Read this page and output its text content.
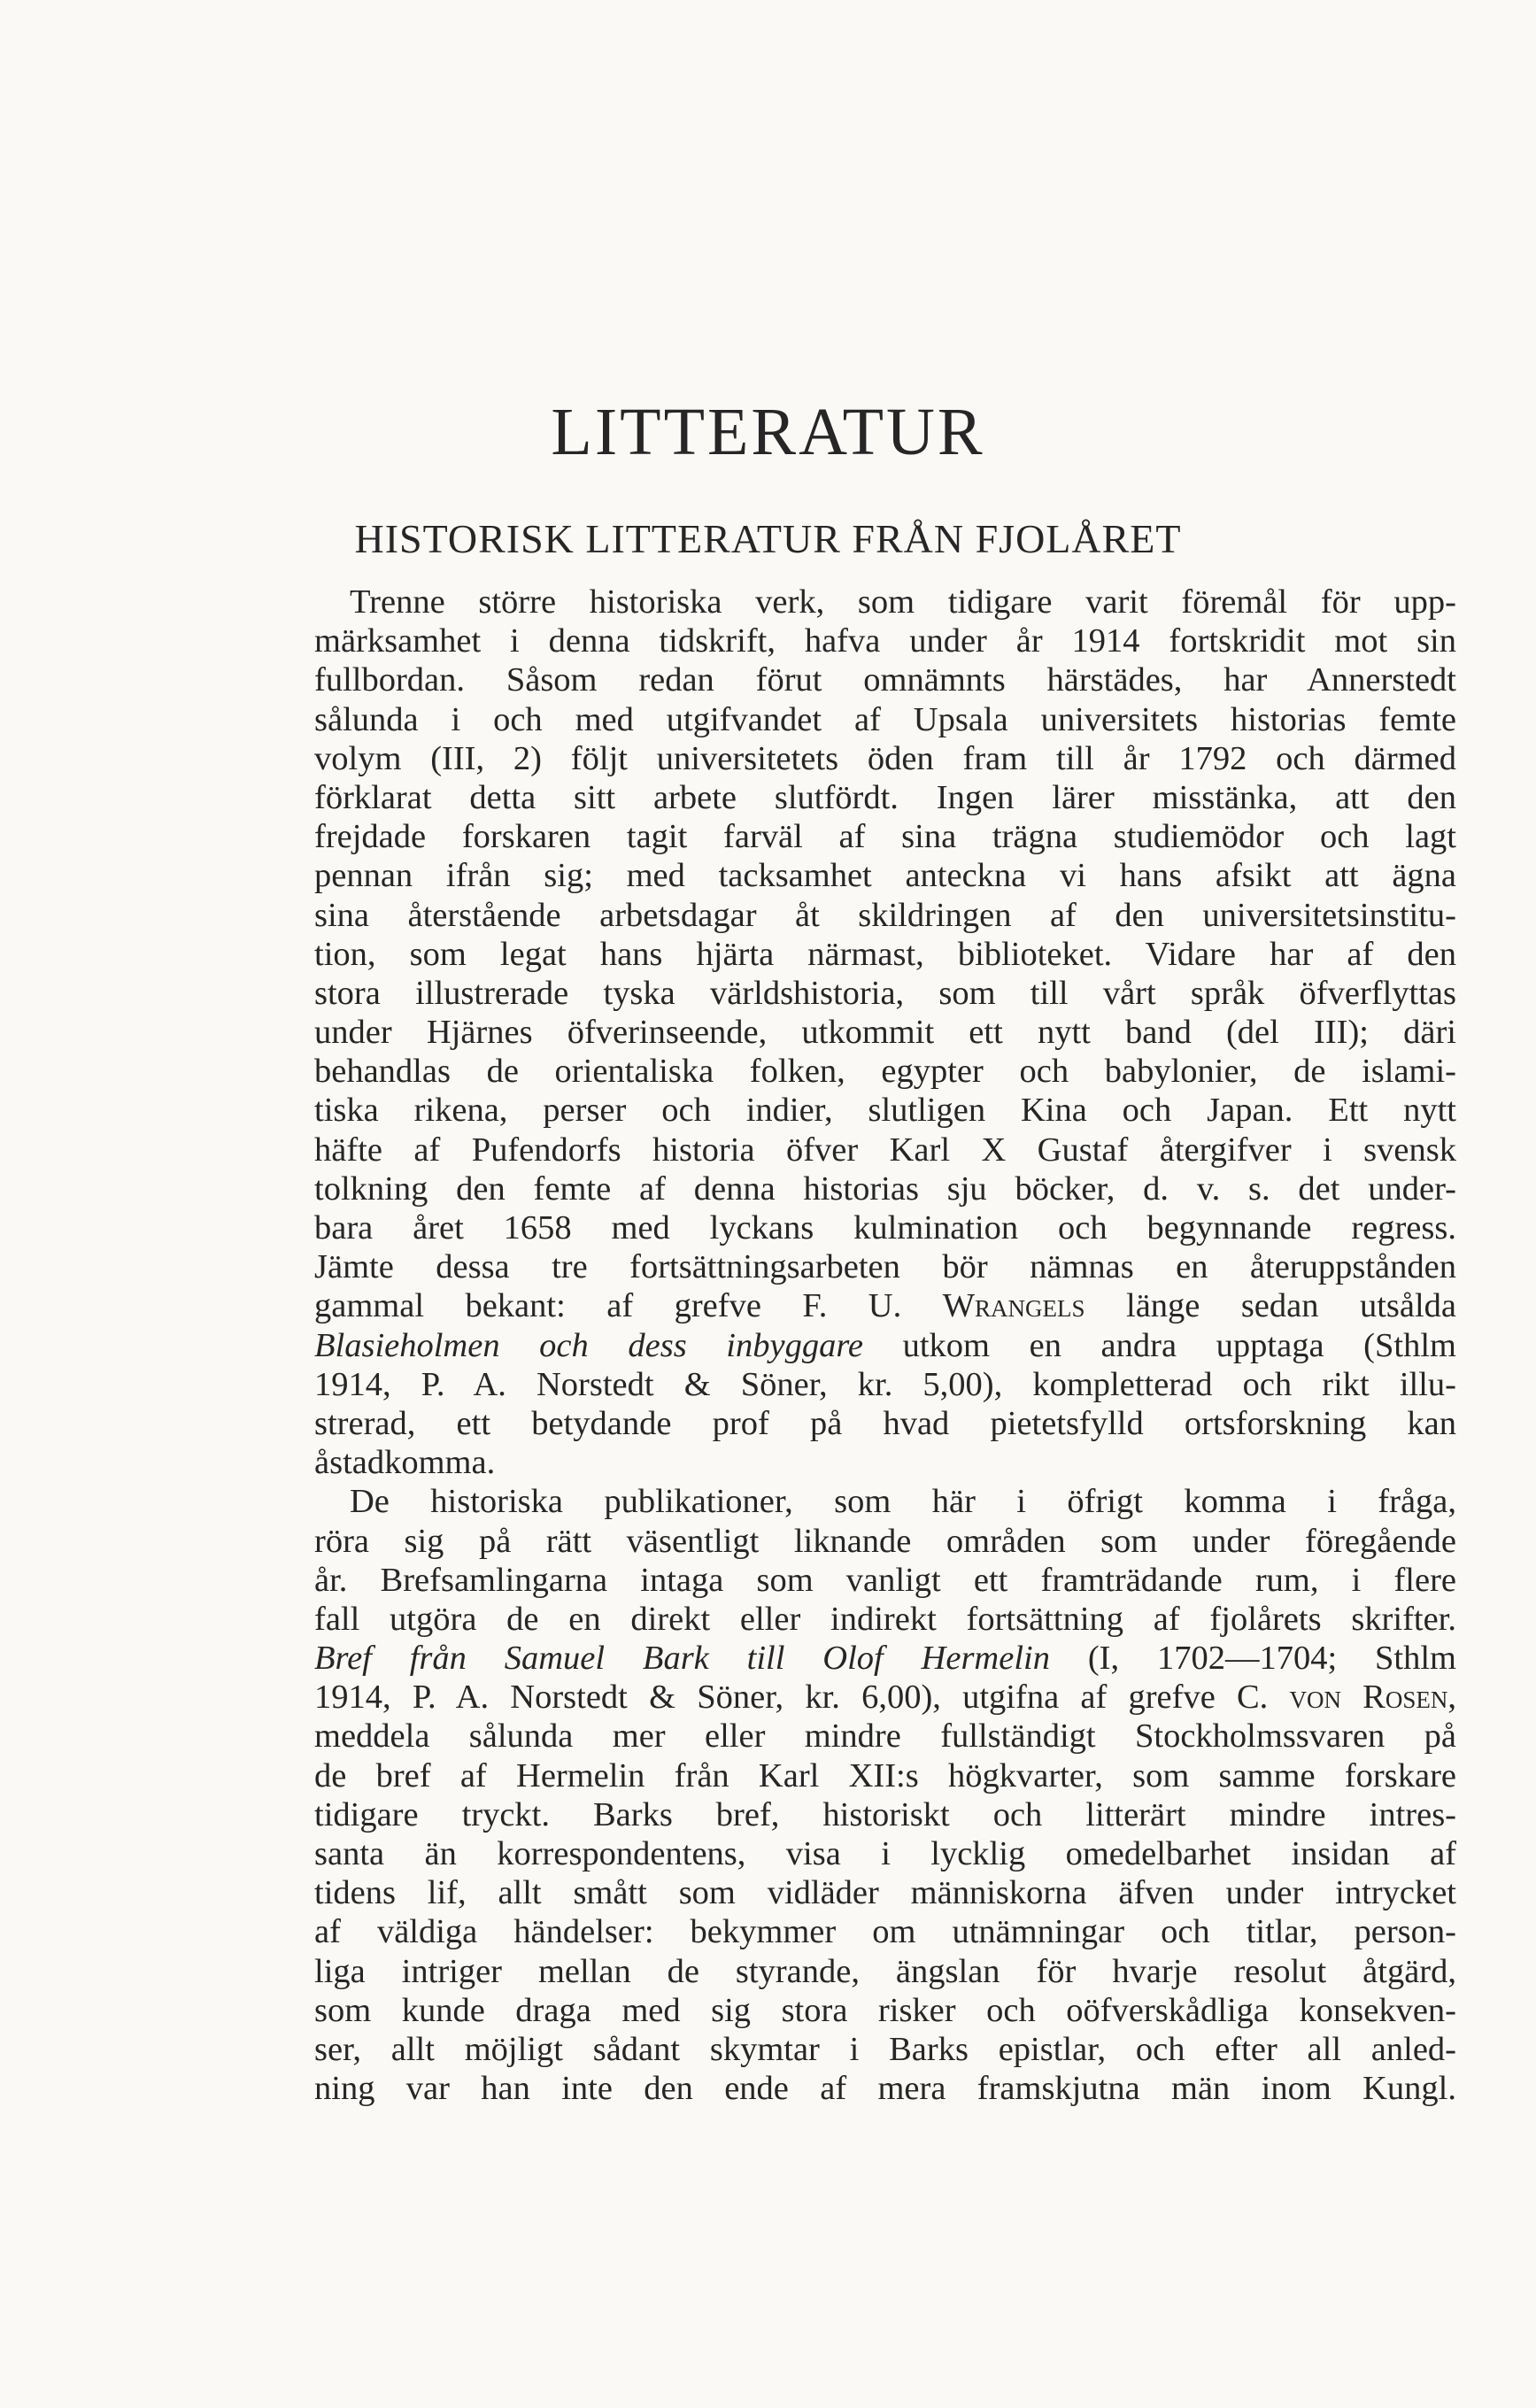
LITTERATUR
HISTORISK LITTERATUR FRÅN FJOLÅRET
Trenne större historiska verk, som tidigare varit föremål för upp-
märksamhet i denna tidskrift, hafva under år 1914 fortskridit mot sin
fullbordan. Såsom redan förut omnämnts härstädes, har Annerstedt
sålunda i och med utgifvandet af Upsala universitets historias femte
volym (III, 2) följt universitetets öden fram till år 1792 och därmed
förklarat detta sitt arbete slutfördt. Ingen lärer misstänka, att den
frejdade forskaren tagit farväl af sina trägna studiemödor och lagt
pennan ifrån sig; med tacksamhet anteckna vi hans afsikt att ägna
sina återstående arbetsdagar åt skildringen af den universitetsinstitu-
tion, som legat hans hjärta närmast, biblioteket. Vidare har af den
stora illustrerade tyska världshistoria, som till vårt språk öfverflyttas
under Hjärnes öfverinseende, utkommit ett nytt band (del III); däri
behandlas de orientaliska folken, egypter och babylonier, de islami-
tiska rikena, perser och indier, slutligen Kina och Japan. Ett nytt
häfte af Pufendorfs historia öfver Karl X Gustaf återgifver i svensk
tolkning den femte af denna historias sju böcker, d. v. s. det under-
bara året 1658 med lyckans kulmination och begynnande regress.
Jämte dessa tre fortsättningsarbeten bör nämnas en återuppstånden
gammal bekant: af grefve F. U. Wrangels länge sedan utsålda
Blasieholmen och dess inbyggare utkom en andra upptaga (Sthlm
1914, P. A. Norstedt & Söner, kr. 5,00), kompletterad och rikt illu-
strerad, ett betydande prof på hvad pietetsfylld ortsforskning kan
åstadkomma.
De historiska publikationer, som här i öfrigt komma i fråga,
röra sig på rätt väsentligt liknande områden som under föregående
år. Brefsamlingarna intaga som vanligt ett framträdande rum, i flere
fall utgöra de en direkt eller indirekt fortsättning af fjolårets skrifter.
Bref från Samuel Bark till Olof Hermelin (I, 1702—1704; Sthlm
1914, P. A. Norstedt & Söner, kr. 6,00), utgifna af grefve C. von Rosen,
meddela sålunda mer eller mindre fullständigt Stockholmssvaren på
de bref af Hermelin från Karl XII:s högkvarter, som samme forskare
tidigare tryckt. Barks bref, historiskt och litterärt mindre intres-
santa än korrespondentens, visa i lycklig omedelbarhet insidan af
tidens lif, allt smått som vidläder människorna äfven under intrycket
af väldiga händelser: bekymmer om utnämningar och titlar, person-
liga intriger mellan de styrande, ängslan för hvarje resolut åtgärd,
som kunde draga med sig stora risker och oöfverskådliga konsekven-
ser, allt möjligt sådant skymtar i Barks epistlar, och efter all anled-
ning var han inte den ende af mera framskjutna män inom Kungl.
